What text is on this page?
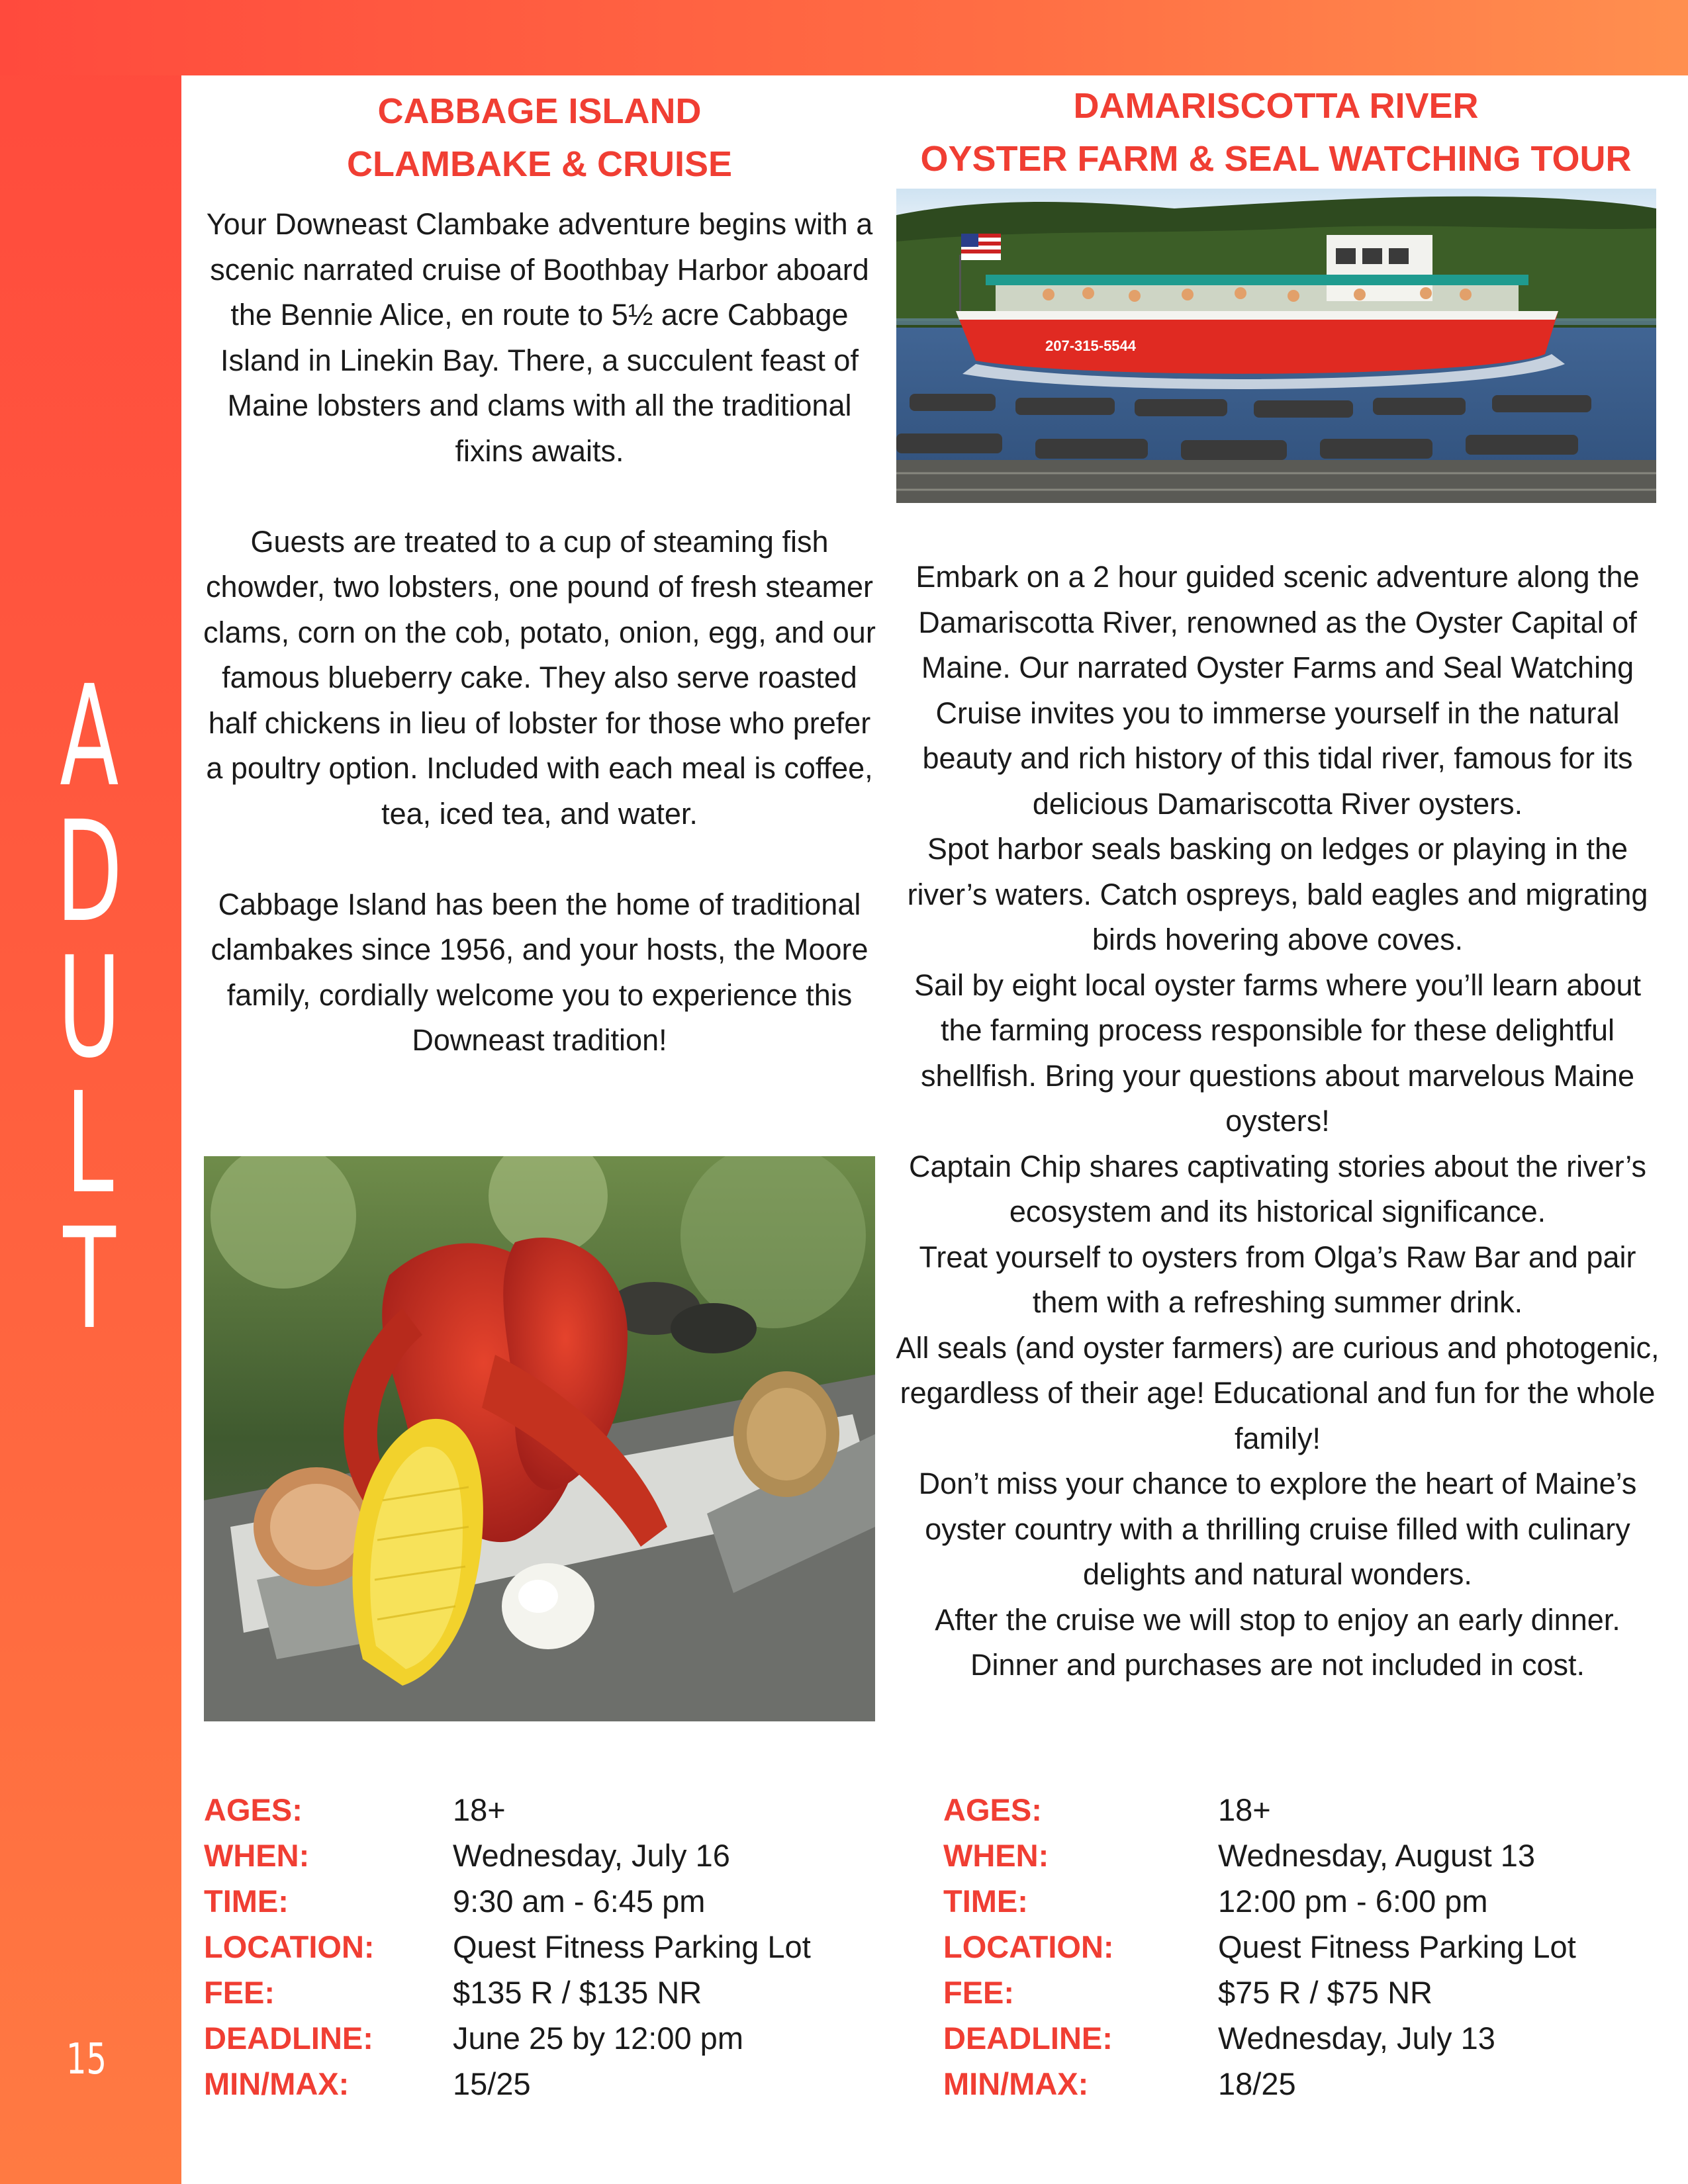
A
D
U
L
T
15
CABBAGE ISLAND
CLAMBAKE & CRUISE

Your Downeast Clambake adventure begins with a scenic narrated cruise of Boothbay Harbor aboard the Bennie Alice, en route to 5½ acre Cabbage Island in Linekin Bay. There, a succulent feast of Maine lobsters and clams with all the traditional fixins awaits.

Guests are treated to a cup of steaming fish chowder, two lobsters, one pound of fresh steamer clams, corn on the cob, potato, onion, egg, and our famous blueberry cake. They also serve roasted half chickens in lieu of lobster for those who prefer a poultry option. Included with each meal is coffee, tea, iced tea, and water.

Cabbage Island has been the home of traditional clambakes since 1956, and your hosts, the Moore family, cordially welcome you to experience this Downeast tradition!

AGES:	18+
WHEN:	Wednesday, July 16
TIME:	9:30 am - 6:45 pm
LOCATION:	Quest Fitness Parking Lot
FEE:	$135 R / $135 NR
DEADLINE:	June 25 by 12:00 pm
MIN/MAX:	15/25
DAMARISCOTTA RIVER
OYSTER FARM & SEAL WATCHING TOUR
207-315-5544

Embark on a 2 hour guided scenic adventure along the Damariscotta River, renowned as the Oyster Capital of Maine. Our narrated Oyster Farms and Seal Watching Cruise invites you to immerse yourself in the natural beauty and rich history of this tidal river, famous for its delicious Damariscotta River oysters.

Spot harbor seals basking on ledges or playing in the river’s waters. Catch ospreys, bald eagles and migrating birds hovering above coves.

Sail by eight local oyster farms where you’ll learn about the farming process responsible for these delightful shellfish. Bring your questions about marvelous Maine oysters!

Captain Chip shares captivating stories about the river’s ecosystem and its historical significance.

Treat yourself to oysters from Olga’s Raw Bar and pair them with a refreshing summer drink.

All seals (and oyster farmers) are curious and photogenic, regardless of their age! Educational and fun for the whole family!

Don’t miss your chance to explore the heart of Maine’s oyster country with a thrilling cruise filled with culinary delights and natural wonders.

After the cruise we will stop to enjoy an early dinner. Dinner and purchases are not included in cost.

AGES:	18+
WHEN:	Wednesday, August 13
TIME:	12:00 pm - 6:00 pm
LOCATION:	Quest Fitness Parking Lot
FEE:	$75 R / $75 NR
DEADLINE:	Wednesday, July 13
MIN/MAX:	18/25
